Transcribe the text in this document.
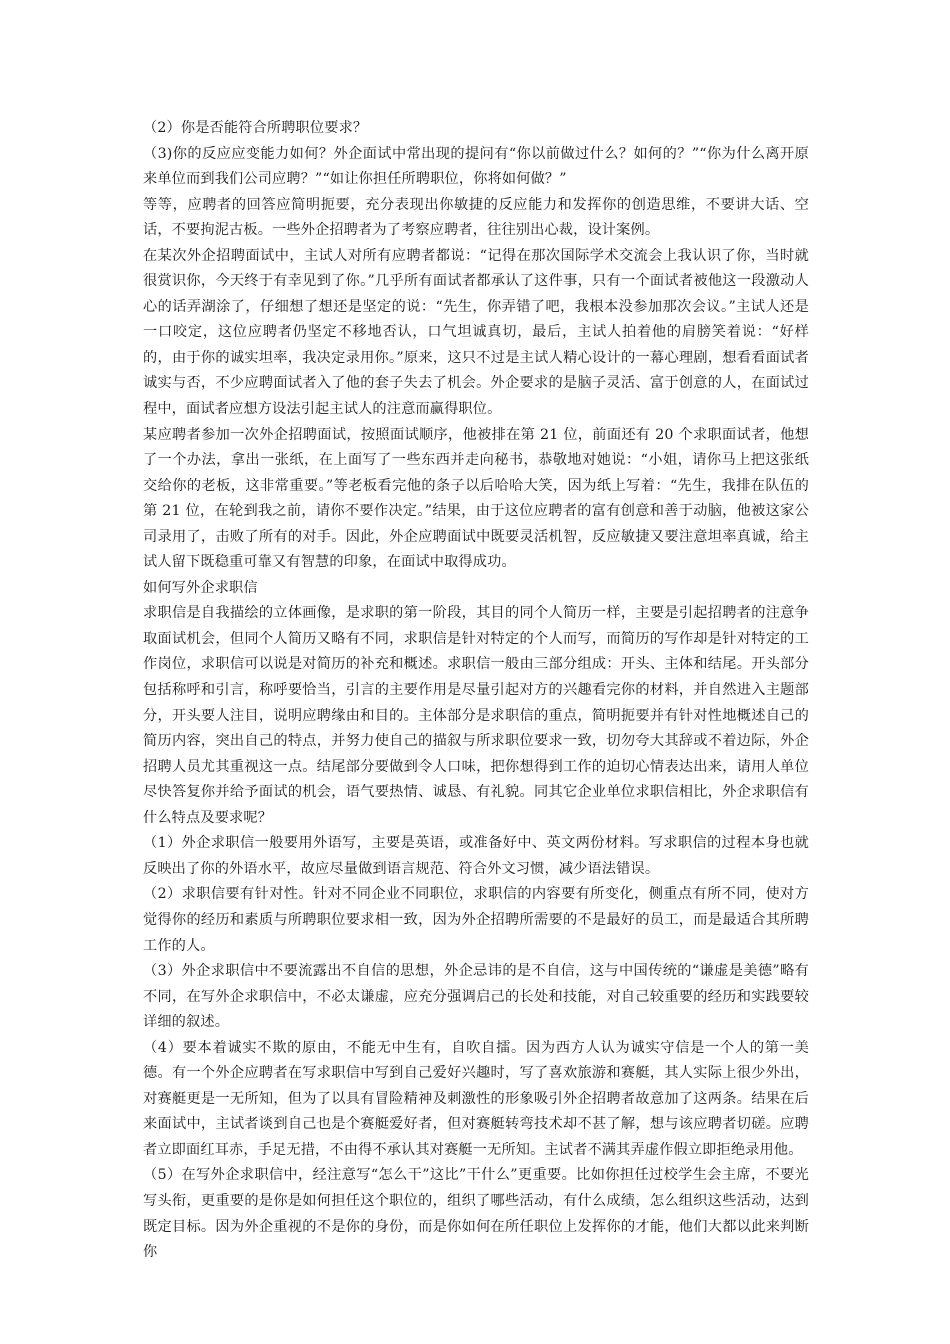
（2）你是否能符合所聘职位要求？

（3)你的反应应变能力如何？外企面试中常出现的提问有“你以前做过什么？如何的？”“你为什么离开原来单位而到我们公司应聘？”“如让你担任所聘职位，你将如何做？”

等等，应聘者的回答应简明扼要，充分表现出你敏捷的反应能力和发挥你的创造思维，不要讲大话、空话，不要拘泥古板。一些外企招聘者为了考察应聘者，往往别出心裁，设计案例。

在某次外企招聘面试中，主试人对所有应聘者都说：“记得在那次国际学术交流会上我认识了你，当时就很赏识你，今天终于有幸见到了你。”几乎所有面试者都承认了这件事，只有一个面试者被他这一段激动人心的话弄湖涂了，仔细想了想还是坚定的说：“先生，你弄错了吧，我根本没参加那次会议。”主试人还是一口咬定，这位应聘者仍坚定不移地否认，口气坦诚真切，最后，主试人拍着他的肩膀笑着说：“好样的，由于你的诚实坦率，我决定录用你。”原来，这只不过是主试人精心设计的一幕心理剧，想看看面试者诚实与否，不少应聘面试者入了他的套子失去了机会。外企要求的是脑子灵活、富于创意的人，在面试过程中，面试者应想方设法引起主试人的注意而赢得职位。

某应聘者参加一次外企招聘面试，按照面试顺序，他被排在第 21 位，前面还有 20 个求职面试者，他想了一个办法，拿出一张纸，在上面写了一些东西并走向秘书，恭敬地对她说：“小姐，请你马上把这张纸交给你的老板，这非常重要。”等老板看完他的条子以后哈哈大笑，因为纸上写着：“先生，我排在队伍的第 21 位，在轮到我之前，请你不要作决定。”结果，由于这位应聘者的富有创意和善于动脑，他被这家公司录用了，击败了所有的对手。因此，外企应聘面试中既要灵活机智，反应敏捷又要注意坦率真诚，给主试人留下既稳重可靠又有智慧的印象，在面试中取得成功。

如何写外企求职信

求职信是自我描绘的立体画像，是求职的第一阶段，其目的同个人简历一样，主要是引起招聘者的注意争取面试机会，但同个人简历又略有不同，求职信是针对特定的个人而写，而简历的写作却是针对特定的工作岗位，求职信可以说是对简历的补充和概述。求职信一般由三部分组成：开头、主体和结尾。开头部分包括称呼和引言，称呼要恰当，引言的主要作用是尽量引起对方的兴趣看完你的材料，并自然进入主题部分，开头要人注目，说明应聘缘由和目的。主体部分是求职信的重点，简明扼要并有针对性地概述自己的简历内容，突出自己的特点，并努力使自己的描叙与所求职位要求一致，切勿夸大其辞或不着边际，外企招聘人员尤其重视这一点。结尾部分要做到令人口味，把你想得到工作的迫切心情表达出来，请用人单位尽快答复你并给予面试的机会，语气要热情、诚恳、有礼貌。同其它企业单位求职信相比，外企求职信有什么特点及要求呢？

（1）外企求职信一般要用外语写，主要是英语，或准备好中、英文两份材料。写求职信的过程本身也就反映出了你的外语水平，故应尽量做到语言规范、符合外文习惯，减少语法错误。

（2）求职信要有针对性。针对不同企业不同职位，求职信的内容要有所变化，侧重点有所不同，使对方觉得你的经历和素质与所聘职位要求相一致，因为外企招聘所需要的不是最好的员工，而是最适合其所聘工作的人。

（3）外企求职信中不要流露出不自信的思想，外企忌讳的是不自信，这与中国传统的“谦虚是美德”略有不同，在写外企求职信中，不必太谦虚，应充分强调启己的长处和技能，对自己较重要的经历和实践要较详细的叙述。

（4）要本着诚实不欺的原由，不能无中生有，自吹自擂。因为西方人认为诚实守信是一个人的第一美德。有一个外企应聘者在写求职信中写到自己爱好兴趣时，写了喜欢旅游和赛艇，其人实际上很少外出，对赛艇更是一无所知，但为了以具有冒险精神及刺激性的形象吸引外企招聘者故意加了这两条。结果在后来面试中，主试者谈到自己也是个赛艇爱好者，但对赛艇转弯技术却不甚了解，想与该应聘者切磋。应聘者立即面红耳赤，手足无措，不由得不承认其对赛艇一无所知。主试者不满其弄虚作假立即拒绝录用他。

（5）在写外企求职信中，经注意写“怎么干”这比”干什么”更重要。比如你担任过校学生会主席，不要光写头衔，更重要的是你是如何担任这个职位的，组织了哪些活动，有什么成绩，怎么组织这些活动，达到既定目标。因为外企重视的不是你的身份，而是你如何在所任职位上发挥你的才能，他们大都以此来判断你
